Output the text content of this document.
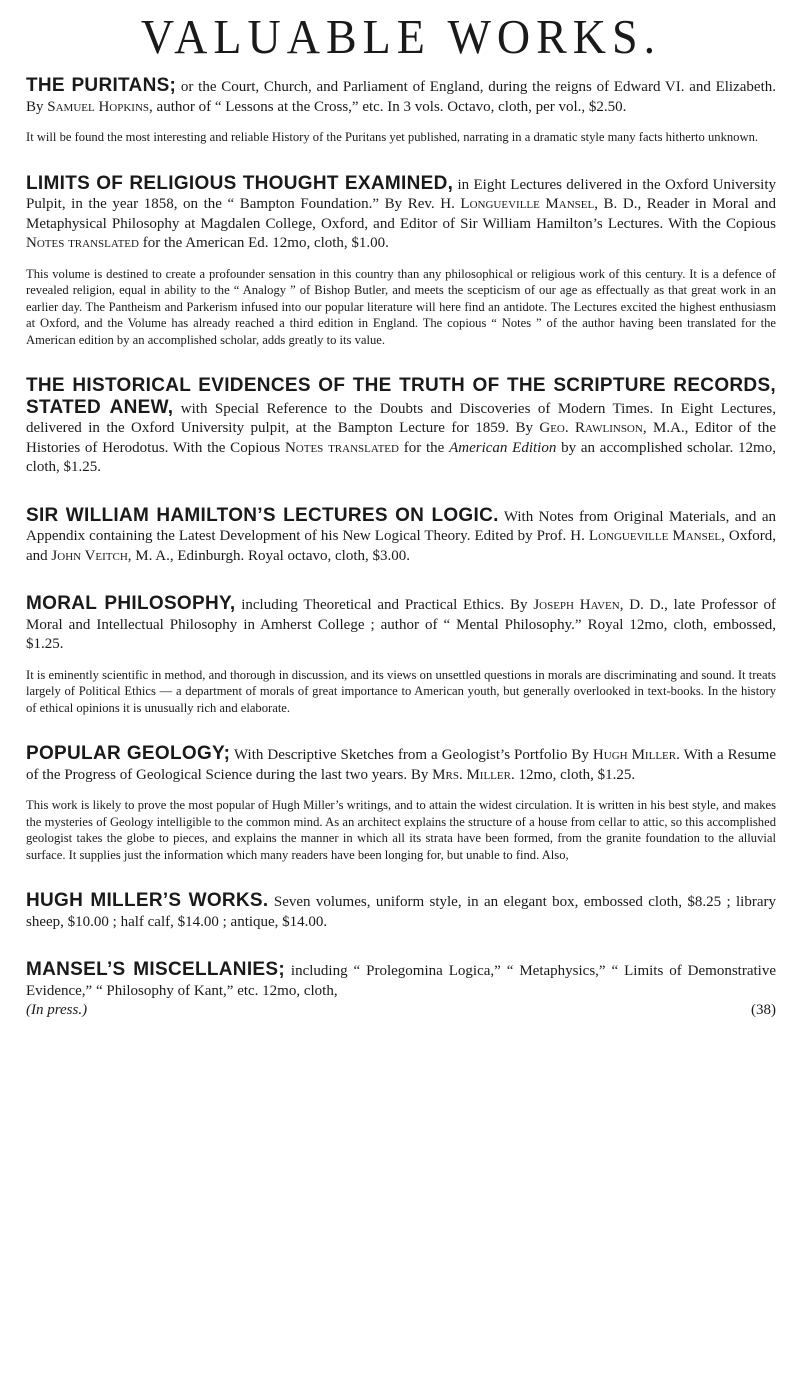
VALUABLE WORKS.

THE PURITANS; or the Court, Church, and Parliament of England, during the reigns of Edward VI. and Elizabeth. By Samuel Hopkins, author of “ Lessons at the Cross,” etc. In 3 vols. Octavo, cloth, per vol., $2.50.

It will be found the most interesting and reliable History of the Puritans yet published, narrating in a dramatic style many facts hitherto unknown.

LIMITS OF RELIGIOUS THOUGHT EXAMINED, in Eight Lectures delivered in the Oxford University Pulpit, in the year 1858, on the “ Bampton Foundation.” By Rev. H. Longueville Mansel, B. D., Reader in Moral and Metaphysical Philosophy at Magdalen College, Oxford, and Editor of Sir William Hamilton’s Lectures. With the Copious Notes translated for the American Ed. 12mo, cloth, $1.00.

This volume is destined to create a profounder sensation in this country than any philosophical or religious work of this century. It is a defence of revealed religion, equal in ability to the “ Analogy ” of Bishop Butler, and meets the scepticism of our age as effectually as that great work in an earlier day. The Pantheism and Parkerism infused into our popular literature will here find an antidote. The Lectures excited the highest enthusiasm at Oxford, and the Volume has already reached a third edition in England. The copious “ Notes ” of the author having been translated for the American edition by an accomplished scholar, adds greatly to its value.

THE HISTORICAL EVIDENCES OF THE TRUTH OF THE SCRIPTURE RECORDS, STATED ANEW, with Special Reference to the Doubts and Discoveries of Modern Times. In Eight Lectures, delivered in the Oxford University pulpit, at the Bampton Lecture for 1859. By Geo. Rawlinson, M.A., Editor of the Histories of Herodotus. With the Copious Notes translated for the American Edition by an accomplished scholar. 12mo, cloth, $1.25.

SIR WILLIAM HAMILTON’S LECTURES ON LOGIC. With Notes from Original Materials, and an Appendix containing the Latest Development of his New Logical Theory. Edited by Prof. H. Longueville Mansel, Oxford, and John Veitch, M. A., Edinburgh. Royal octavo, cloth, $3.00.

MORAL PHILOSOPHY, including Theoretical and Practical Ethics. By Joseph Haven, D. D., late Professor of Moral and Intellectual Philosophy in Amherst College ; author of “ Mental Philosophy.” Royal 12mo, cloth, embossed, $1.25.

It is eminently scientific in method, and thorough in discussion, and its views on unsettled questions in morals are discriminating and sound. It treats largely of Political Ethics — a department of morals of great importance to American youth, but generally overlooked in text-books. In the history of ethical opinions it is unusually rich and elaborate.

POPULAR GEOLOGY; With Descriptive Sketches from a Geologist’s Portfolio By Hugh Miller. With a Resume of the Progress of Geological Science during the last two years. By Mrs. Miller. 12mo, cloth, $1.25.

This work is likely to prove the most popular of Hugh Miller’s writings, and to attain the widest circulation. It is written in his best style, and makes the mysteries of Geology intelligible to the common mind. As an architect explains the structure of a house from cellar to attic, so this accomplished geologist takes the globe to pieces, and explains the manner in which all its strata have been formed, from the granite foundation to the alluvial surface. It supplies just the information which many readers have been longing for, but unable to find. Also,

HUGH MILLER’S WORKS. Seven volumes, uniform style, in an elegant box, embossed cloth, $8.25 ; library sheep, $10.00 ; half calf, $14.00 ; antique, $14.00.

MANSEL’S MISCELLANIES; including “ Prolegomina Logica,” “ Metaphysics,” “ Limits of Demonstrative Evidence,” “ Philosophy of Kant,” etc. 12mo, cloth,

(In press.)	(38)
